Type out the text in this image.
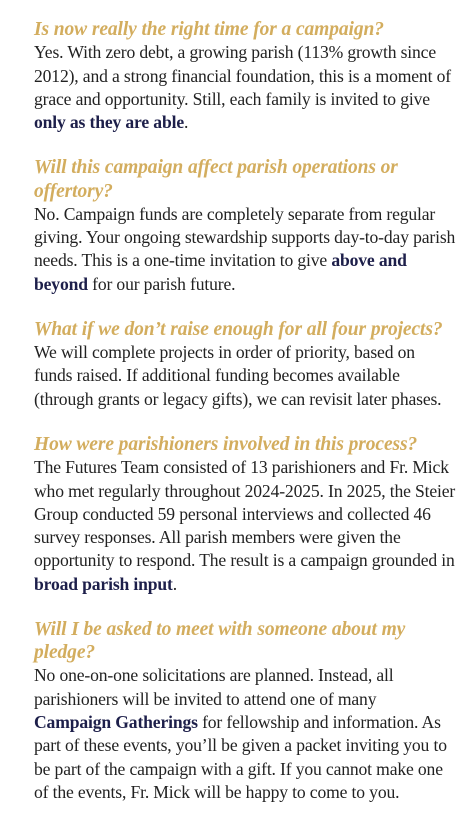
Is now really the right time for a campaign?

Yes. With zero debt, a growing parish (113% growth since 2012), and a strong financial foundation, this is a moment of grace and opportunity. Still, each family is invited to give only as they are able.

Will this campaign affect parish operations or offertory?

No. Campaign funds are completely separate from regular giving. Your ongoing stewardship supports day-to-day parish needs. This is a one-time invitation to give above and beyond for our parish future.

What if we don’t raise enough for all four projects?

We will complete projects in order of priority, based on funds raised. If additional funding becomes available (through grants or legacy gifts), we can revisit later phases.

How were parishioners involved in this process?

The Futures Team consisted of 13 parishioners and Fr. Mick who met regularly throughout 2024-2025. In 2025, the Steier Group conducted 59 personal interviews and collected 46 survey responses. All parish members were given the opportunity to respond. The result is a campaign grounded in broad parish input.

Will I be asked to meet with someone about my pledge?

No one-on-one solicitations are planned. Instead, all parishioners will be invited to attend one of many Campaign Gatherings for fellowship and information. As part of these events, you’ll be given a packet inviting you to be part of the campaign with a gift. If you cannot make one of the events, Fr. Mick will be happy to come to you.
